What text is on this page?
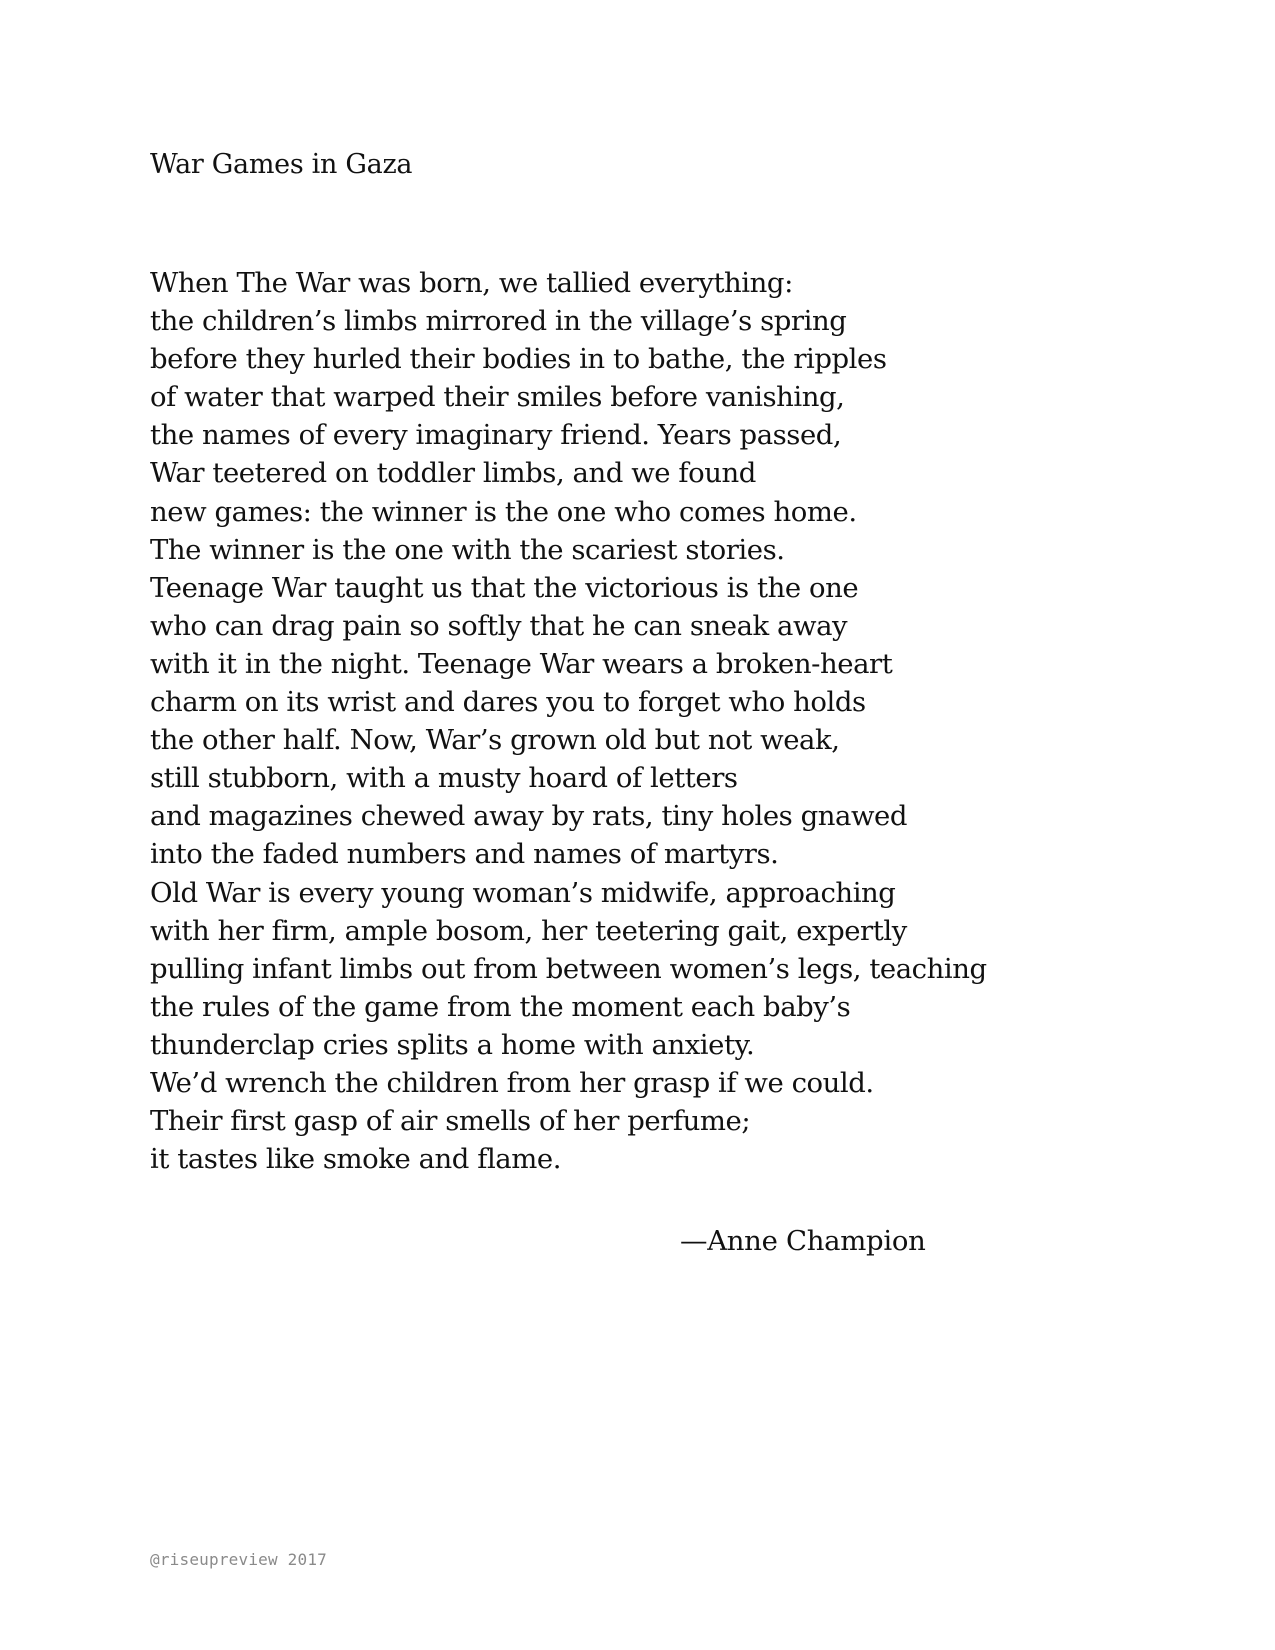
War Games in Gaza
When The War was born, we tallied everything:
the children’s limbs mirrored in the village’s spring
before they hurled their bodies in to bathe, the ripples
of water that warped their smiles before vanishing,
the names of every imaginary friend. Years passed,
War teetered on toddler limbs, and we found
new games: the winner is the one who comes home.
The winner is the one with the scariest stories.
Teenage War taught us that the victorious is the one
who can drag pain so softly that he can sneak away
with it in the night. Teenage War wears a broken-heart
charm on its wrist and dares you to forget who holds
the other half. Now, War’s grown old but not weak,
still stubborn, with a musty hoard of letters
and magazines chewed away by rats, tiny holes gnawed
into the faded numbers and names of martyrs.
Old War is every young woman’s midwife, approaching
with her firm, ample bosom, her teetering gait, expertly
pulling infant limbs out from between women’s legs, teaching
the rules of the game from the moment each baby’s
thunderclap cries splits a home with anxiety.
We’d wrench the children from her grasp if we could.
Their first gasp of air smells of her perfume;
it tastes like smoke and flame.
—Anne Champion
@riseupreview 2017
